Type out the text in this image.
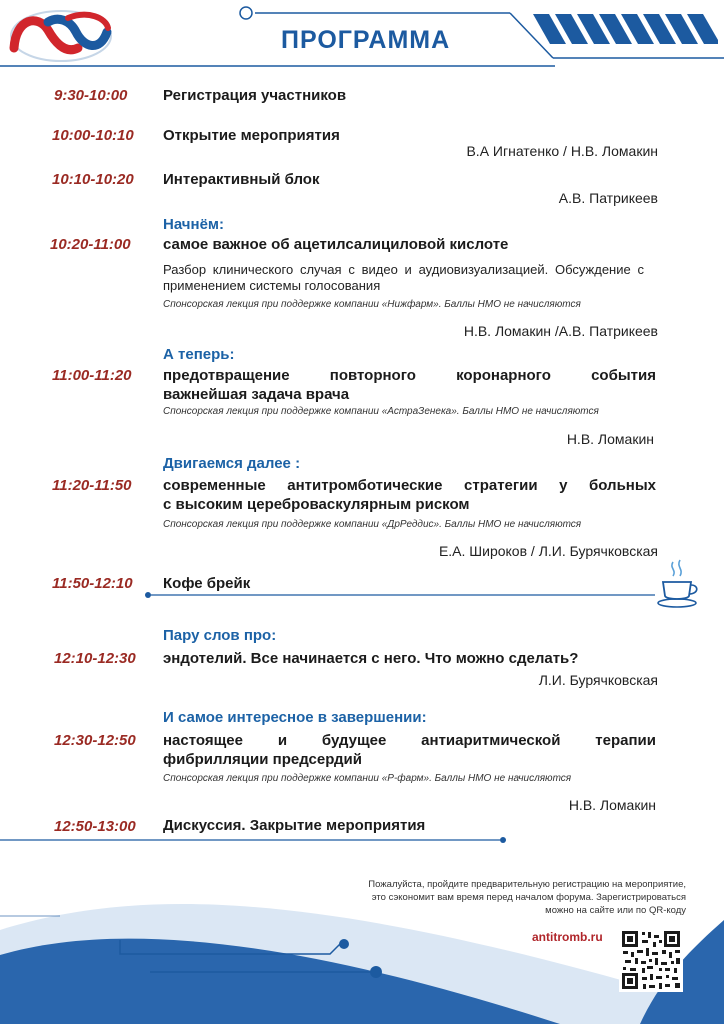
ПРОГРАММА
9:30-10:00 Регистрация участников
10:00-10:10 Открытие мероприятия
В.А Игнатенко / Н.В. Ломакин
10:10-10:20 Интерактивный блок
А.В. Патрикеев
Начнём:
10:20-11:00 самое важное об ацетилсалициловой кислоте
Разбор клинического случая с видео и аудиовизуализацией. Обсуждение с применением системы голосования
Спонсорская лекция при поддержке компании «Нижфарм». Баллы НМО не начисляются
Н.В. Ломакин /А.В. Патрикеев
А теперь:
11:00-11:20 предотвращение повторного коронарного события
важнейшая задача врача
Спонсорская лекция при поддержке компании «АстраЗенека». Баллы НМО не начисляются
Н.В. Ломакин
Двигаемся далее :
11:20-11:50 современные антитромботические стратегии у больных
с высоким цереброваскулярным риском
Спонсорская лекция при поддержке компании «ДрРеддис». Баллы НМО не начисляются
Е.А. Широков / Л.И. Бурячковская
11:50-12:10 Кофе брейк
Пару слов про:
12:10-12:30 эндотелий. Все начинается с него. Что можно сделать?
Л.И. Бурячковская
И самое интересное в завершении:
12:30-12:50 настоящее и будущее антиаритмической терапии
фибрилляции предсердий
Спонсорская лекция при поддержке компании «Р-фарм». Баллы НМО не начисляются
Н.В. Ломакин
12:50-13:00 Дискуссия. Закрытие мероприятия
Пожалуйста, пройдите предварительную регистрацию на мероприятие,
это сэкономит вам время перед началом форума. Зарегистрироваться
можно на сайте или по QR-коду
antitromb.ru
